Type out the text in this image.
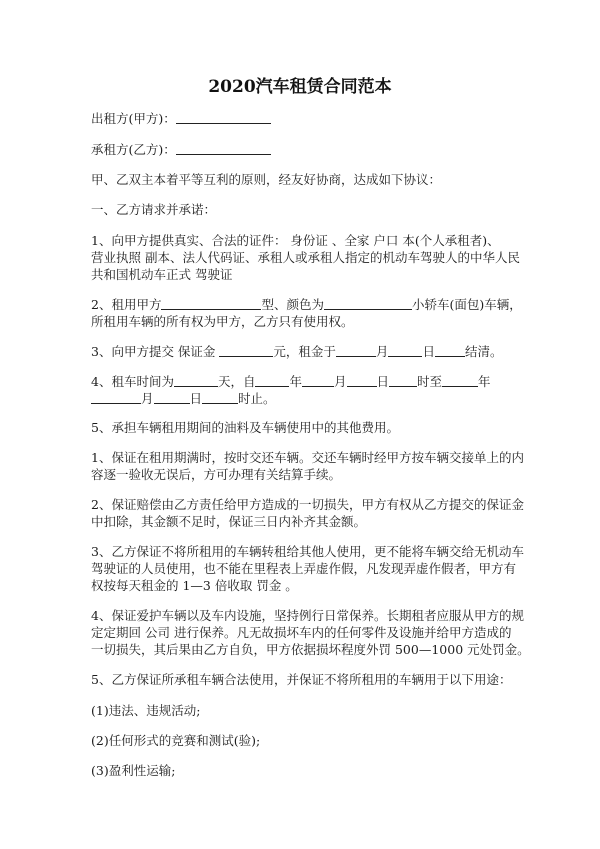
2020汽车租赁合同范本
出租方(甲方)：
承租方(乙方)：
甲、乙双主本着平等互利的原则，经友好协商，达成如下协议：
一、乙方请求并承诺：
1、向甲方提供真实、合法的证件： 身份证 、全家 户口 本(个人承租者)、
营业执照 副本、法人代码证、承租人或承租人指定的机动车驾驶人的中华人民
共和国机动车正式 驾驶证
2、租用甲方	型、颜色为	小轿车(面包)车辆，
所租用车辆的所有权为甲方，乙方只有使用权。
3、向甲方提交 保证金	元，租金于	月	日 结清。
4、租车时间为	天，自	年	月 日 时至	年
月	日	时止。
5、承担车辆租用期间的油料及车辆使用中的其他费用。
1、保证在租用期满时，按时交还车辆。交还车辆时经甲方按车辆交接单上的内
容逐一验收无误后，方可办理有关结算手续。
2、保证赔偿由乙方责任给甲方造成的一切损失，甲方有权从乙方提交的保证金
中扣除，其金额不足时，保证三日内补齐其金额。
3、乙方保证不将所租用的车辆转租给其他人使用，更不能将车辆交给无机动车
驾驶证的人员使用，也不能在里程表上弄虚作假，凡发现弄虚作假者，甲方有
权按每天租金的 1—3 倍收取 罚金 。
4、保证爱护车辆以及车内设施，坚持例行日常保养。长期租者应服从甲方的规
定定期回 公司 进行保养。凡无故损坏车内的任何零件及设施并给甲方造成的
一切损失，其后果由乙方自负，甲方依据损坏程度外罚 500—1000 元处罚金。
5、乙方保证所承租车辆合法使用，并保证不将所租用的车辆用于以下用途：
(1)违法、违规活动;
(2)任何形式的竞赛和测试(验);
(3)盈利性运输;
